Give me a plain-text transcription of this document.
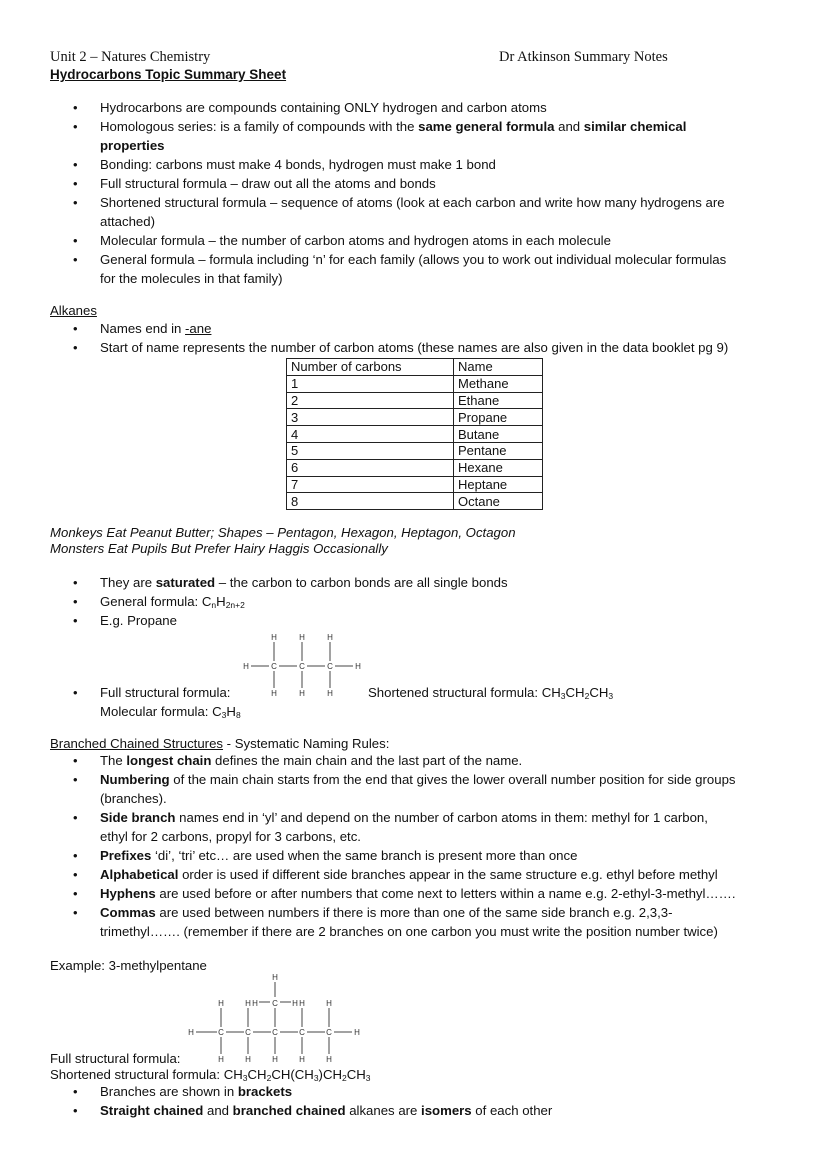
Unit 2 – Natures Chemistry	Dr Atkinson Summary Notes
Hydrocarbons Topic Summary Sheet
• Hydrocarbons are compounds containing ONLY hydrogen and carbon atoms
• Homologous series: is a family of compounds with the same general formula and similar chemical
properties
• Bonding: carbons must make 4 bonds, hydrogen must make 1 bond
• Full structural formula – draw out all the atoms and bonds
• Shortened structural formula – sequence of atoms (look at each carbon and write how many hydrogens are
attached)
• Molecular formula – the number of carbon atoms and hydrogen atoms in each molecule
• General formula – formula including ‘n’ for each family (allows you to work out individual molecular formulas
for the molecules in that family)
Alkanes
• Names end in -ane
• Start of name represents the number of carbon atoms (these names are also given in the data booklet pg 9)
Number of carbons	Name
1	Methane
2	Ethane
3	Propane
4	Butane
5	Pentane
6	Hexane
7	Heptane
8	Octane
Monkeys Eat Peanut Butter; Shapes – Pentagon, Hexagon, Heptagon, Octagon
Monsters Eat Pupils But Prefer Hairy Haggis Occasionally
• They are saturated – the carbon to carbon bonds are all single bonds
• General formula: $C_nH_{2n+2}$
• E.g. Propane
H	H	H
H	C	C	C	H
H	H	H
• Full structural formula:
Molecular formula: $C_3H_8$
Shortened structural formula: $CH_3CH_2CH_3$
Branched Chained Structures - Systematic Naming Rules:
• The longest chain defines the main chain and the last part of the name.
• Numbering of the main chain starts from the end that gives the lower overall number position for side groups
(branches).
• Side branch names end in ‘yl’ and depend on the number of carbon atoms in them: methyl for 1 carbon,
ethyl for 2 carbons, propyl for 3 carbons, etc.
• Prefixes ‘di’, ‘tri’ etc… are used when the same branch is present more than once
• Alphabetical order is used if different side branches appear in the same structure e.g. ethyl before methyl
• Hyphens are used before or after numbers that come next to letters within a name e.g. 2-ethyl-3-methyl…….
• Commas are used between numbers if there is more than one of the same side branch e.g. 2,3,3-
trimethyl……. (remember if there are 2 branches on one carbon you must write the position number twice)
Example: 3-methylpentane
H
H	H H C H H	H
H	C	C	C	C	C	H
H	H	H	H	H
Full structural formula:
Shortened structural formula: $CH_3CH_2CH(CH_3)CH_2CH_3$
• Branches are shown in brackets
• Straight chained and branched chained alkanes are isomers of each other
